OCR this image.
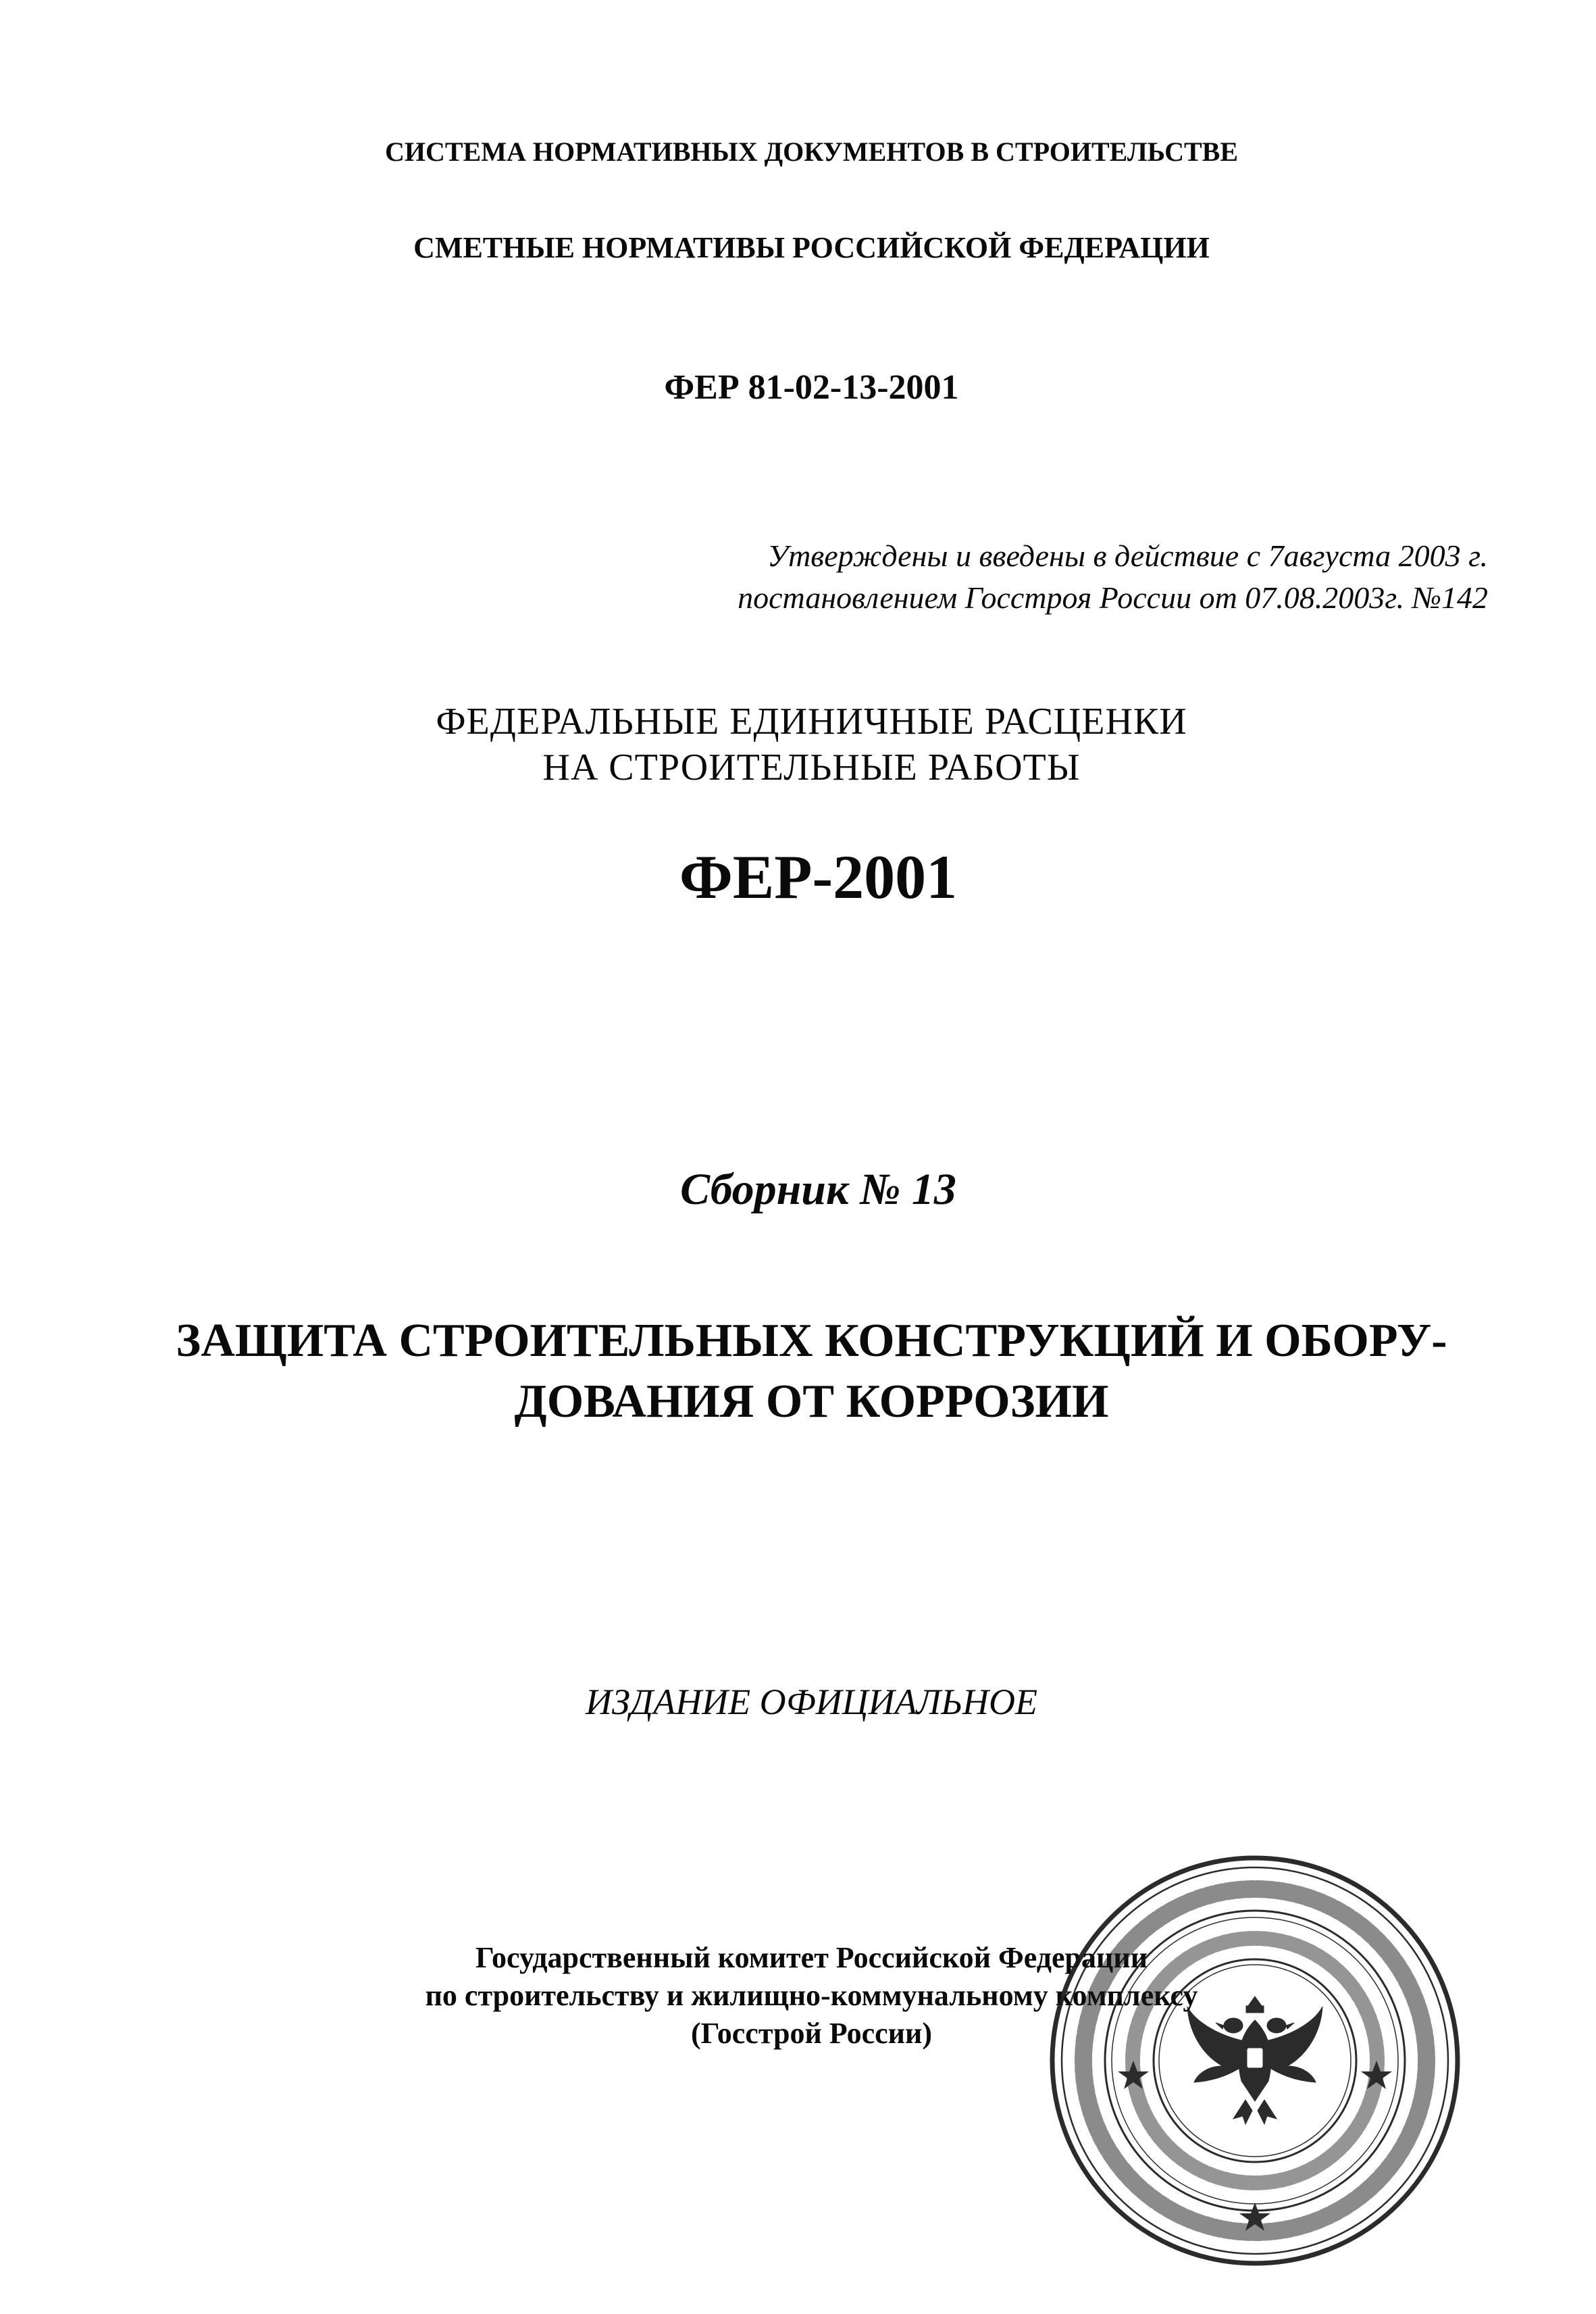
СИСТЕМА НОРМАТИВНЫХ ДОКУМЕНТОВ В СТРОИТЕЛЬСТВЕ
СМЕТНЫЕ НОРМАТИВЫ РОССИЙСКОЙ ФЕДЕРАЦИИ
ФЕР 81-02-13-2001
Утверждены и введены в действие с 7августа 2003 г.
постановлением Госстроя России от 07.08.2003г. №142
ФЕДЕРАЛЬНЫЕ ЕДИНИЧНЫЕ РАСЦЕНКИ
НА СТРОИТЕЛЬНЫЕ РАБОТЫ
ФЕР-2001
Сборник № 13
ЗАЩИТА СТРОИТЕЛЬНЫХ КОНСТРУКЦИЙ И ОБОРУ-
ДОВАНИЯ ОТ КОРРОЗИИ
ИЗДАНИЕ ОФИЦИАЛЬНОЕ
Государственный комитет Российской Федерации
по строительству и жилищно-коммунальному комплексу
(Госстрой России)
